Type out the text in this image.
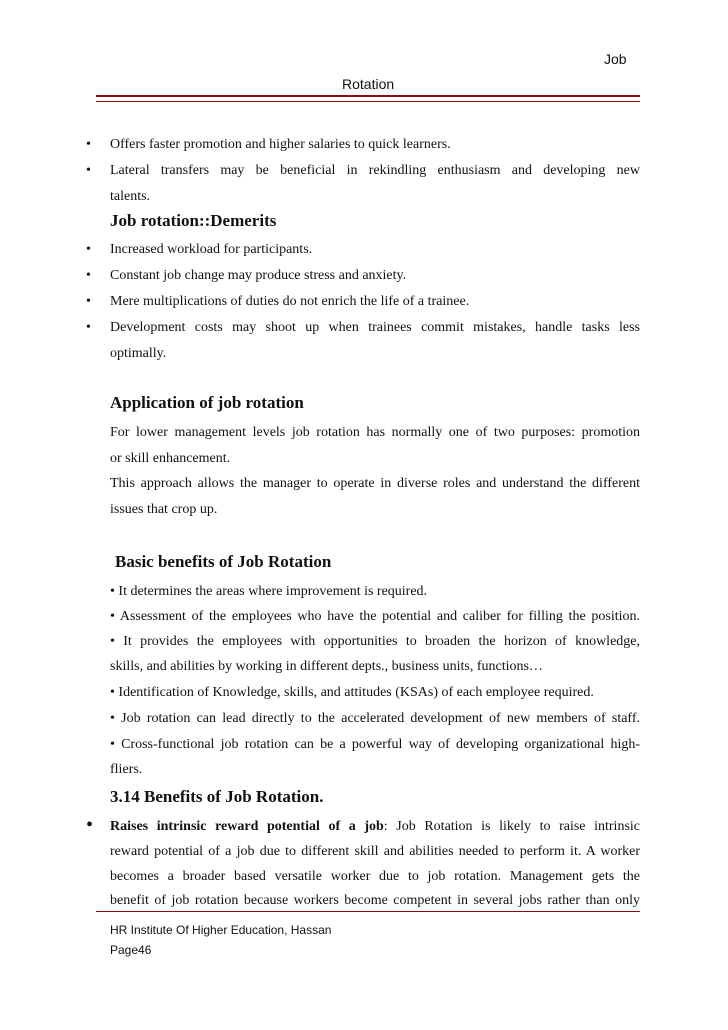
Job
Rotation
• Offers faster promotion and higher salaries to quick learners.
• Lateral transfers may be beneficial in rekindling enthusiasm and developing new
talents.
Job rotation::Demerits
• Increased workload for participants.
• Constant job change may produce stress and anxiety.
• Mere multiplications of duties do not enrich the life of a trainee.
• Development costs may shoot up when trainees commit mistakes, handle tasks less
optimally.
Application of job rotation
For lower management levels job rotation has normally one of two purposes: promotion
or skill enhancement.
This approach allows the manager to operate in diverse roles and understand the different
issues that crop up.
Basic benefits of Job Rotation
• It determines the areas where improvement is required.
• Assessment of the employees who have the potential and caliber for filling the position.
• It provides the employees with opportunities to broaden the horizon of knowledge,
skills, and abilities by working in different depts., business units, functions…
• Identification of Knowledge, skills, and attitudes (KSAs) of each employee required.
• Job rotation can lead directly to the accelerated development of new members of staff.
• Cross-functional job rotation can be a powerful way of developing organizational high-
fliers.
3.14 Benefits of Job Rotation.
• Raises intrinsic reward potential of a job: Job Rotation is likely to raise intrinsic
reward potential of a job due to different skill and abilities needed to perform it. A worker
becomes a broader based versatile worker due to job rotation. Management gets the
benefit of job rotation because workers become competent in several jobs rather than only
HR Institute Of Higher Education, Hassan
Page46
